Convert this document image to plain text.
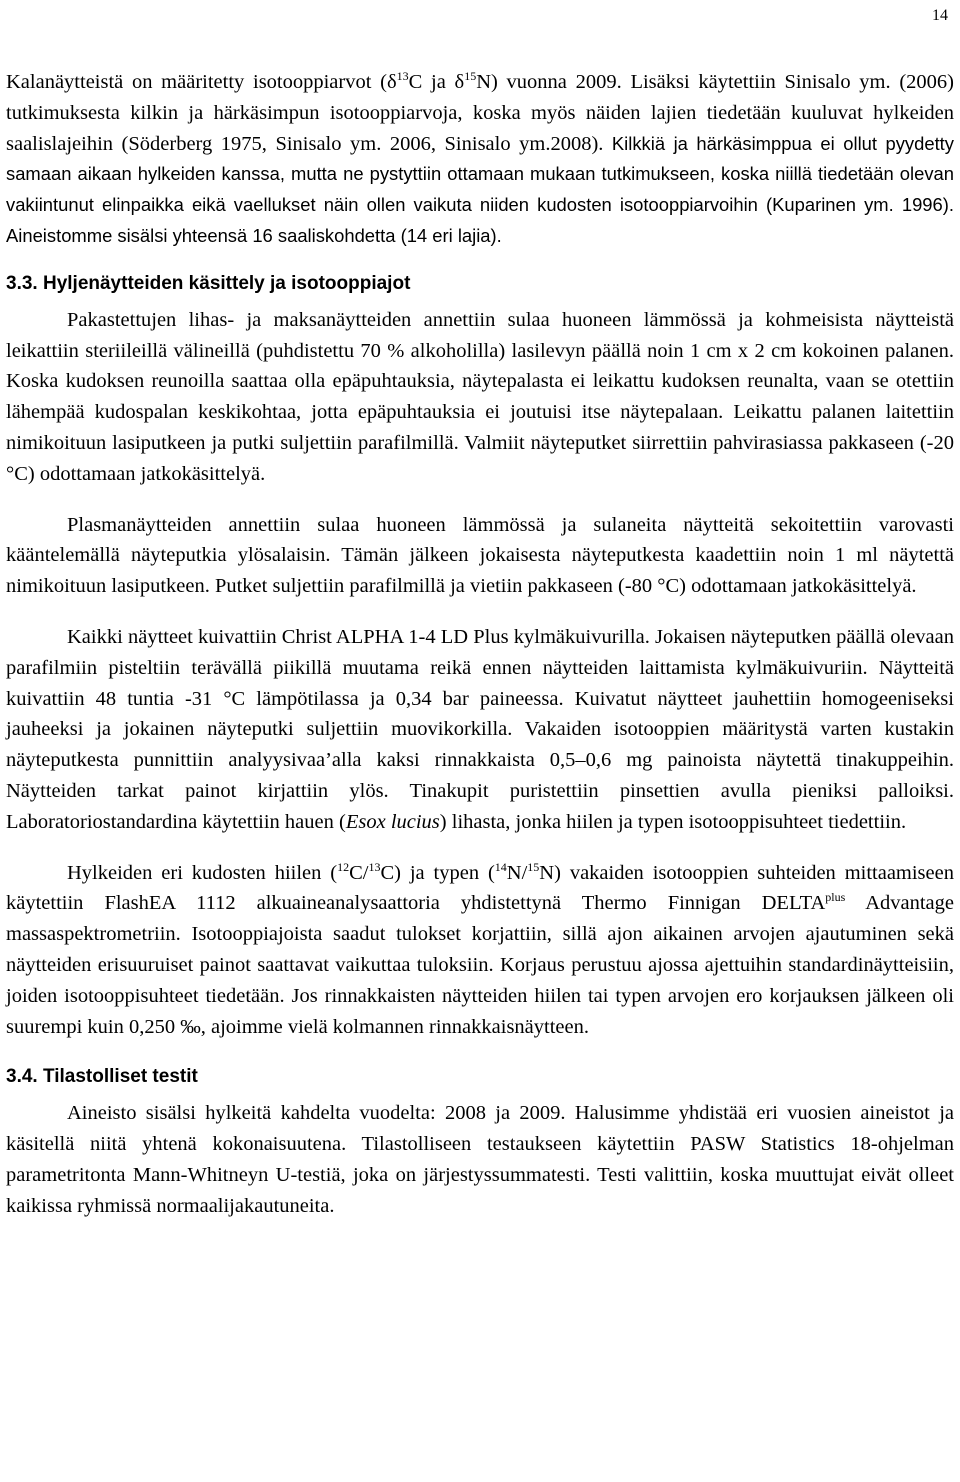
14

Kalanäytteistä on määritetty isotooppiarvot ($\delta^{13}C$ ja $\delta^{15}N$) vuonna 2009. Lisäksi käytettiin Sinisalo ym. (2006) tutkimuksesta kilkin ja härkäsimpun isotooppiarvoja, koska myös näiden lajien tiedetään kuuluvat hylkeiden saalislajeihin (Söderberg 1975, Sinisalo ym. 2006, Sinisalo ym.2008). Kilkkiä ja härkäsimppua ei ollut pyydetty samaan aikaan hylkeiden kanssa, mutta ne pystyttiin ottamaan mukaan tutkimukseen, koska niillä tiedetään olevan vakiintunut elinpaikka eikä vaellukset näin ollen vaikuta niiden kudosten isotooppiarvoihin (Kuparinen ym. 1996). Aineistomme sisälsi yhteensä 16 saaliskohdetta (14 eri lajia).

3.3. Hyljenäytteiden käsittely ja isotooppiajot

Pakastettujen lihas- ja maksanäytteiden annettiin sulaa huoneen lämmössä ja kohmeisista näytteistä leikattiin steriileillä välineillä (puhdistettu 70 % alkoholilla) lasilevyn päällä noin 1 cm x 2 cm kokoinen palanen. Koska kudoksen reunoilla saattaa olla epäpuhtauksia, näytepalasta ei leikattu kudoksen reunalta, vaan se otettiin lähempää kudospalan keskikohtaa, jotta epäpuhtauksia ei joutuisi itse näytepalaan. Leikattu palanen laitettiin nimikoituun lasiputkeen ja putki suljettiin parafilmillä. Valmiit näyteputket siirrettiin pahvirasiassa pakkaseen (-20 °C) odottamaan jatkokäsittelyä.

Plasmanäytteiden annettiin sulaa huoneen lämmössä ja sulaneita näytteitä sekoitettiin varovasti kääntelemällä näyteputkia ylösalaisin. Tämän jälkeen jokaisesta näyteputkesta kaadettiin noin 1 ml näytettä nimikoituun lasiputkeen. Putket suljettiin parafilmillä ja vietiin pakkaseen (-80 °C) odottamaan jatkokäsittelyä.

Kaikki näytteet kuivattiin Christ ALPHA 1-4 LD Plus kylmäkuivurilla. Jokaisen näyteputken päällä olevaan parafilmiin pisteltiin terävällä piikillä muutama reikä ennen näytteiden laittamista kylmäkuivuriin. Näytteitä kuivattiin 48 tuntia -31 °C lämpötilassa ja 0,34 bar paineessa. Kuivatut näytteet jauhettiin homogeeniseksi jauheeksi ja jokainen näyteputki suljettiin muovikorkilla. Vakaiden isotooppien määritystä varten kustakin näyteputkesta punnittiin analyysivaa’alla kaksi rinnakkaista 0,5–0,6 mg painoista näytettä tinakuppeihin. Näytteiden tarkat painot kirjattiin ylös. Tinakupit puristettiin pinsettien avulla pieniksi palloiksi. Laboratoriostandardina käytettiin hauen (Esox lucius) lihasta, jonka hiilen ja typen isotooppisuhteet tiedettiin.

Hylkeiden eri kudosten hiilen ($^{12}$C/$^{13}$C) ja typen ($^{14}$N/$^{15}$N) vakaiden isotooppien suhteiden mittaamiseen käytettiin FlashEA 1112 alkuaineanalysaattoria yhdistettynä Thermo Finnigan $DELTA^{plus}$ Advantage massaspektrometriin. Isotooppiajoista saadut tulokset korjattiin, sillä ajon aikainen arvojen ajautuminen sekä näytteiden erisuuruiset painot saattavat vaikuttaa tuloksiin. Korjaus perustuu ajossa ajettuihin standardinäytteisiin, joiden isotooppisuhteet tiedetään. Jos rinnakkaisten näytteiden hiilen tai typen arvojen ero korjauksen jälkeen oli suurempi kuin 0,250 ‰, ajoimme vielä kolmannen rinnakkaisnäytteen.

3.4. Tilastolliset testit

Aineisto sisälsi hylkeitä kahdelta vuodelta: 2008 ja 2009. Halusimme yhdistää eri vuosien aineistot ja käsitellä niitä yhtenä kokonaisuutena. Tilastolliseen testaukseen käytettiin PASW Statistics 18-ohjelman parametritonta Mann-Whitneyn U-testiä, joka on järjestyssummatesti. Testi valittiin, koska muuttujat eivät olleet kaikissa ryhmissä normaalijakautuneita.
